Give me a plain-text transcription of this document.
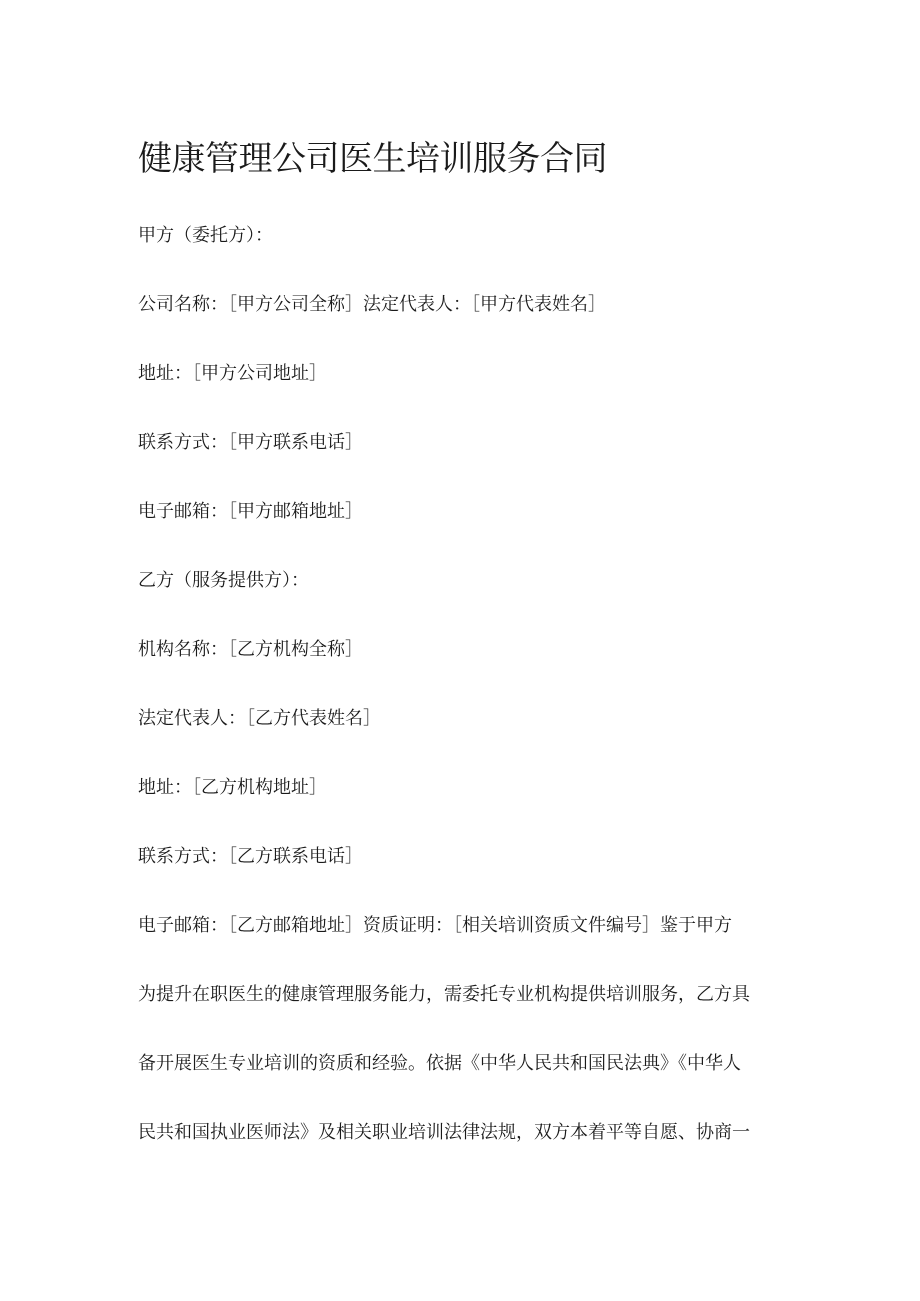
健康管理公司医生培训服务合同
甲方（委托方）：
公司名称：［甲方公司全称］法定代表人：［甲方代表姓名］
地址：［甲方公司地址］
联系方式：［甲方联系电话］
电子邮箱：［甲方邮箱地址］
乙方（服务提供方）：
机构名称：［乙方机构全称］
法定代表人：［乙方代表姓名］
地址：［乙方机构地址］
联系方式：［乙方联系电话］
电子邮箱：［乙方邮箱地址］资质证明：［相关培训资质文件编号］鉴于甲方
为提升在职医生的健康管理服务能力，需委托专业机构提供培训服务，乙方具
备开展医生专业培训的资质和经验。依据《中华人民共和国民法典》《中华人
民共和国执业医师法》及相关职业培训法律法规，双方本着平等自愿、协商一
